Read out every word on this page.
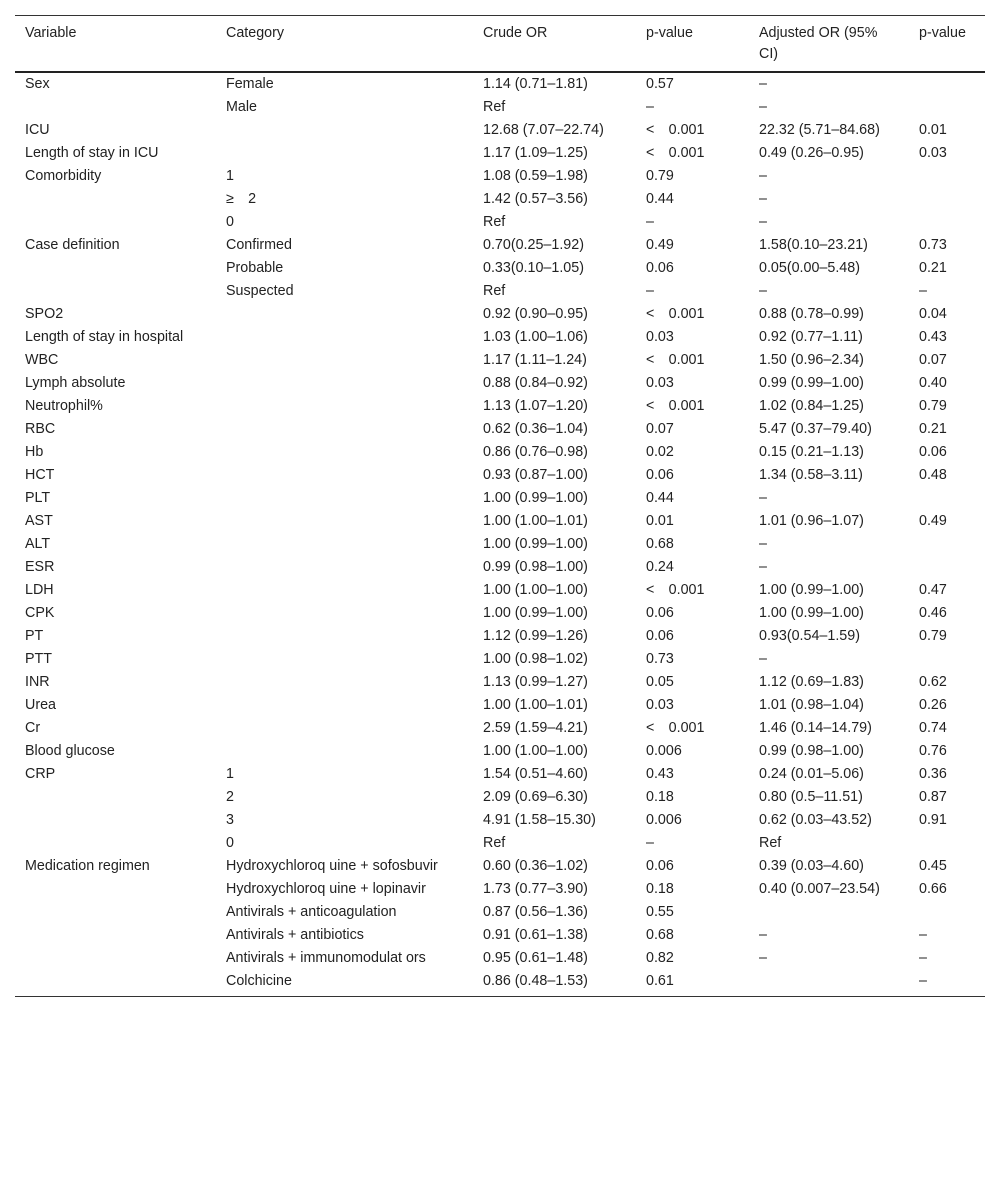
Variable	Category	Crude OR	p-value	Adjusted OR (95% CI)	p-value
Sex	Female	1.14 (0.71–1.81)	0.57	–	
	Male	Ref	–	–	
ICU		12.68 (7.07–22.74)	<　0.001	22.32 (5.71–84.68)	0.01
Length of stay in ICU		1.17 (1.09–1.25)	<　0.001	0.49 (0.26–0.95)	0.03
Comorbidity	1	1.08 (0.59–1.98)	0.79	–	
	≥　2	1.42 (0.57–3.56)	0.44	–	
	0	Ref	–	–	
Case definition	Confirmed	0.70(0.25–1.92)	0.49	1.58(0.10–23.21)	0.73
	Probable	0.33(0.10–1.05)	0.06	0.05(0.00–5.48)	0.21
	Suspected	Ref	–	–	–
SPO2		0.92 (0.90–0.95)	<　0.001	0.88 (0.78–0.99)	0.04
Length of stay in hospital		1.03 (1.00–1.06)	0.03	0.92 (0.77–1.11)	0.43
WBC		1.17 (1.11–1.24)	<　0.001	1.50 (0.96–2.34)	0.07
Lymph absolute		0.88 (0.84–0.92)	0.03	0.99 (0.99–1.00)	0.40
Neutrophil%		1.13 (1.07–1.20)	<　0.001	1.02 (0.84–1.25)	0.79
RBC		0.62 (0.36–1.04)	0.07	5.47 (0.37–79.40)	0.21
Hb		0.86 (0.76–0.98)	0.02	0.15 (0.21–1.13)	0.06
HCT		0.93 (0.87–1.00)	0.06	1.34 (0.58–3.11)	0.48
PLT		1.00 (0.99–1.00)	0.44	–	
AST		1.00 (1.00–1.01)	0.01	1.01 (0.96–1.07)	0.49
ALT		1.00 (0.99–1.00)	0.68	–	
ESR		0.99 (0.98–1.00)	0.24	–	
LDH		1.00 (1.00–1.00)	<　0.001	1.00 (0.99–1.00)	0.47
CPK		1.00 (0.99–1.00)	0.06	1.00 (0.99–1.00)	0.46
PT		1.12 (0.99–1.26)	0.06	0.93(0.54–1.59)	0.79
PTT		1.00 (0.98–1.02)	0.73	–	
INR		1.13 (0.99–1.27)	0.05	1.12 (0.69–1.83)	0.62
Urea		1.00 (1.00–1.01)	0.03	1.01 (0.98–1.04)	0.26
Cr		2.59 (1.59–4.21)	<　0.001	1.46 (0.14–14.79)	0.74
Blood glucose		1.00 (1.00–1.00)	0.006	0.99 (0.98–1.00)	0.76
CRP	1	1.54 (0.51–4.60)	0.43	0.24 (0.01–5.06)	0.36
	2	2.09 (0.69–6.30)	0.18	0.80 (0.5–11.51)	0.87
	3	4.91 (1.58–15.30)	0.006	0.62 (0.03–43.52)	0.91
	0	Ref	–	Ref	
Medication regimen	Hydroxychloroq uine + sofosbuvir	0.60 (0.36–1.02)	0.06	0.39 (0.03–4.60)	0.45
	Hydroxychloroq uine + lopinavir	1.73 (0.77–3.90)	0.18	0.40 (0.007–23.54)	0.66
	Antivirals + anticoagulation	0.87 (0.56–1.36)	0.55		
	Antivirals + antibiotics	0.91 (0.61–1.38)	0.68	–	–
	Antivirals + immunomodulat ors	0.95 (0.61–1.48)	0.82	–	–
	Colchicine	0.86 (0.48–1.53)	0.61		–
